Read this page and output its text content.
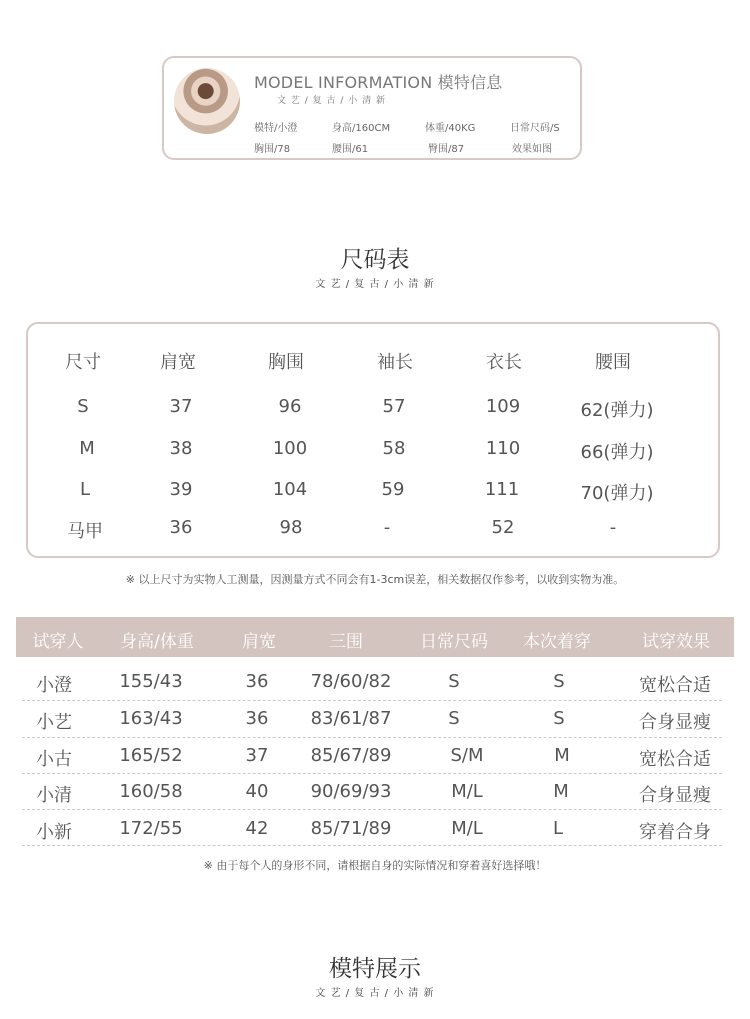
MODEL INFORMATION 模特信息
文 艺 / 复 古 / 小 清 新
模特/小澄	身高/160CM	体重/40KG	日常尺码/S
胸围/78	腰围/61	臀围/87	效果如图
尺码表
文 艺 / 复 古 / 小 清 新
尺寸	肩宽	胸围	袖长	衣长	腰围
S	37	96	57	109	62(弹力)
M	38	100	58	110	66(弹力)
L	39	104	59	111	70(弹力)
马甲	36	98	-	52	-
※ 以上尺寸为实物人工测量，因测量方式不同会有1-3cm误差，相关数据仅作参考，以收到实物为准。
试穿人	身高/体重	肩宽	三围	日常尺码	本次着穿	试穿效果
小澄	155/43	36	78/60/82	S	S	宽松合适
小艺	163/43	36	83/61/87	S	S	合身显瘦
小古	165/52	37	85/67/89	S/M	M	宽松合适
小清	160/58	40	90/69/93	M/L	M	合身显瘦
小新	172/55	42	85/71/89	M/L	L	穿着合身
※ 由于每个人的身形不同，请根据自身的实际情况和穿着喜好选择哦！
模特展示
文 艺 / 复 古 / 小 清 新
